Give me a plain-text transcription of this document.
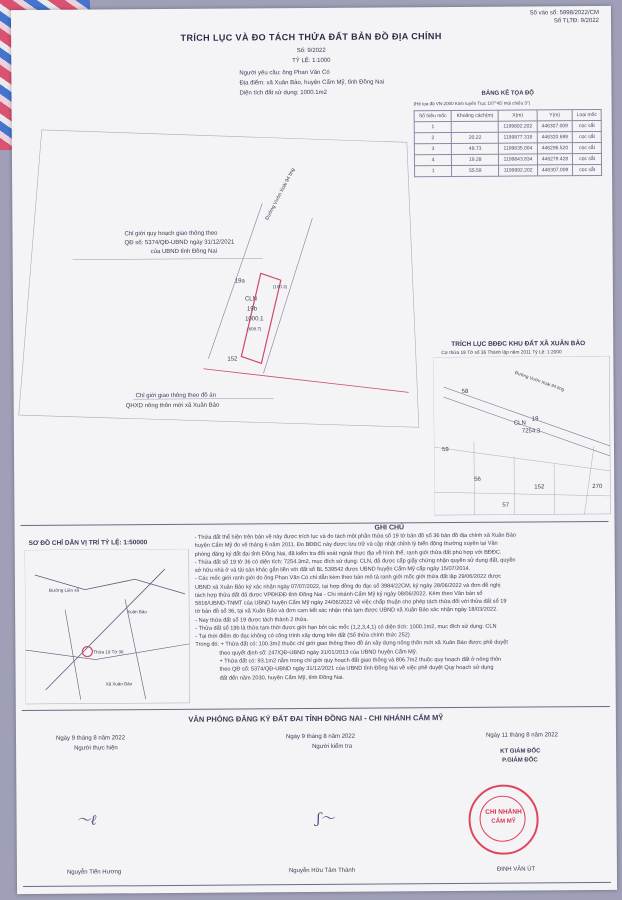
Số vào sổ: 5998/2022/CM
Số TLTĐ: 9/2022
TRÍCH LỤC VÀ ĐO TÁCH THỬA ĐẤT BẢN ĐỒ ĐỊA CHÍNH
Số: 9/2022
TỶ LỆ: 1:1000
Người yêu cầu: ông Phan Văn Có
Địa điểm: xã Xuân Bảo, huyện Cẩm Mỹ, tỉnh Đồng Nai
Diện tích đất sử dụng: 1000.1m2	BẢNG KÊ TỌA ĐỘ
(Hệ tọa độ VN-2000 Kinh tuyến Trục 107°45' múi chiếu 3°)
Số hiệu mốc	Khoảng cách(m)	X(m)	Y(m)	Loại mốc
1		1199892.202	446307.009	cọc sắt
2	20.22	1199877.318	446320.698	cọc sắt
3	48.73	1199835.004	446296.520	cọc sắt
4	19.28	1199843.834	446279.428	cọc sắt
1	55.59	1199892.202	446307.009	cọc sắt
Đường Vườn Xoài 94 ting
Chỉ giới quy hoạch giao thông theo
QĐ số: 5374/QĐ-UBND ngày 31/12/2021
của UBND tỉnh Đồng Nai
19a
(100.3)
CLN
19b
1000.1
(808.7)
152
Chỉ giới giao thông theo đồ án
QHXD nông thôn mới xã Xuân Bảo
TRÍCH LỤC BĐĐC KHU ĐẤT XÃ XUÂN BẢO
Cơ thửa 19 Tờ số 36 Thành lập năm 2011 Tỷ Lệ: 1:2000
Đường Vườn Xoài 94 ting
CLN
7254.3
58
59
19
56
152
57
270
SƠ ĐỒ CHỈ DẪN VỊ TRÍ TỶ LỆ: 1:50000
Đường Liên xã
Xuân Bảo
Thửa 19 Tờ 36
Xã Xuân Bảo
GHI CHÚ

- Thửa đất thể hiện trên bản vẽ này được trích lục và đo tách một phần thửa số 19 tờ bản đồ số 36 bản đồ địa chính xã Xuân Bảo

huyện Cẩm Mỹ đo vẽ tháng 6 năm 2011. Đo BĐĐC này được lưu trữ và cập nhật chỉnh lý biến động thường xuyên tại Văn

phòng đăng ký đất đai tỉnh Đồng Nai, đã kiểm tra đối soát ngoài thực địa về hình thể, ranh giới thửa đất phù hợp với BĐĐC.

- Thửa đất số 19 tờ 36 có diện tích: 7254.3m2, mục đích sử dụng: CLN, đã được cấp giấy chứng nhận quyền sử dụng đất, quyền

sở hữu nhà ở và tài sản khác gắn liền với đất số BL 539542 được UBND huyện Cẩm Mỹ cấp ngày 15/07/2014.

- Các mốc giới ranh giới do ông Phan Văn Có chỉ dẫn kèm theo bản mô tả ranh giới mốc giới thửa đất lập 29/06/2022 được

UBND xã Xuân Bảo ký xác nhận ngày 07/07/2022, tại hợp đồng đo đạc số 3984/22CM, ký ngày 28/06/2022 và đơn đề nghị

tách hợp thửa đất đã được VPĐKĐĐ tỉnh Đồng Nai - Chi nhánh Cẩm Mỹ ký ngày 08/06/2022. Kèm theo Văn bản số

5616/UBND-TNMT của UBND huyện Cẩm Mỹ ngày 24/06/2022 về việc chấp thuận cho phép tách thửa đối với thửa đất số 19

tờ bản đồ số 36, tại xã Xuân Bảo và đơn cam kết xác nhận nhà tạm được UBND xã Xuân Bảo xác nhận ngày 18/03/2022.

- Nay thửa đất số 19 được tách thành 2 thửa.

- Thửa đất số 19b là thửa tạm thời được giới hạn bởi các mốc (1,2,3,4,1) có diện tích: 1000.1m2, mục đích sử dụng: CLN

- Tại thời điểm đo đạc không có công trình xây dựng trên đất (Số thửa chính thức 252)

Trong đó: + Thửa đất có: 100.3m2 thuộc chỉ giới giao thông theo đồ án xây dựng nông thôn mới xã Xuân Bảo được phê duyệt

theo quyết định số: 247/QĐ-UBND ngày 31/01/2013 của UBND huyện Cẩm Mỹ.

+ Thửa đất có: 93.1m2 nằm trong chỉ giới quy hoạch đất giao thông và 806.7m2 thuộc quy hoạch đất ở nông thôn

theo QĐ số: 5374/QĐ-UBND ngày 31/12/2021 của UBND tỉnh Đồng Nai về việc phê duyệt Quy hoạch sử dụng

đất đến năm 2030, huyện Cẩm Mỹ, tỉnh Đồng Nai.

VĂN PHÒNG ĐĂNG KÝ ĐẤT ĐAI TỈNH ĐỒNG NAI - CHI NHÁNH CẨM MỸ
Ngày 9 tháng 8 năm 2022
Người thực hiện
〜ℓ
Nguyễn Tiến Hương
Ngày 9 tháng 8 năm 2022
Người kiểm tra
ʃ〜
Nguyễn Hữu Tâm Thành
Ngày 11 tháng 8 năm 2022
KT GIÁM ĐỐC
P.GIÁM ĐỐC
CHI NHÁNH
CẨM MỸ
ĐINH VĂN ÚT
